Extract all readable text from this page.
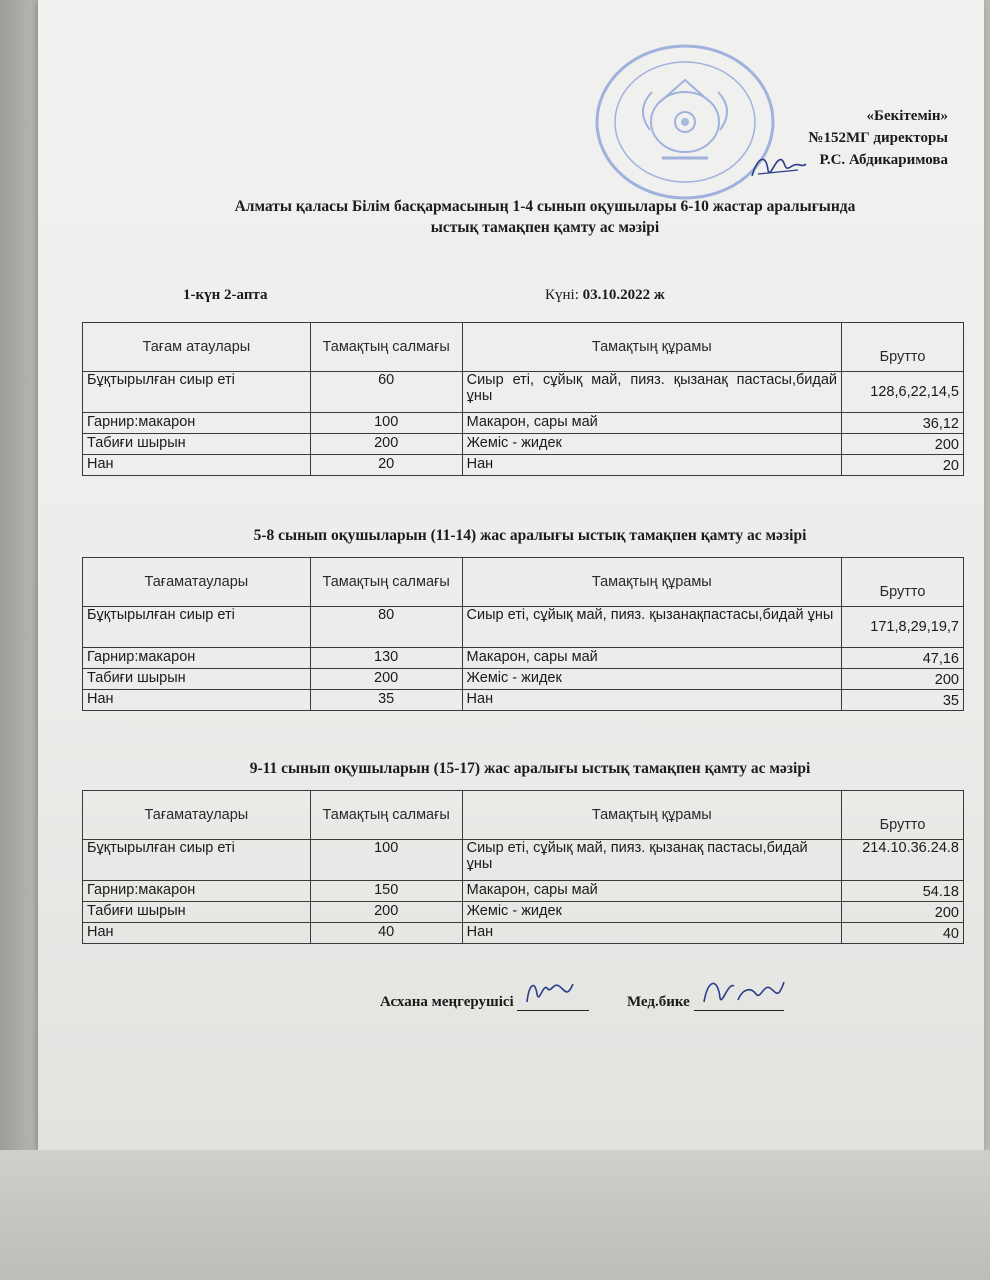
«Бекітемін»
№152МГ директоры
Р.С. Абдикаримова
Алматы қаласы Білім басқармасының 1-4 сынып оқушылары 6-10 жастар аралығында
ыстық тамақпен қамту ас мәзірі
1-күн 2-апта	Күні: 03.10.2022 ж
Тағам атаулары	Тамақтың салмағы	Тамақтың құрамы	Брутто
Бұқтырылған сиыр еті	60	Сиыр еті, сұйық май, пияз. қызанақ пастасы,бидай ұны	128,6,22,14,5
Гарнир:макарон	100	Макарон, сары май	36,12
Табиғи шырын	200	Жеміс - жидек	200
Нан	20	Нан	20
5-8 сынып оқушыларын (11-14) жас аралығы ыстық тамақпен қамту ас мәзірі
Тағаматаулары	Тамақтың салмағы	Тамақтың құрамы	Брутто
Бұқтырылған сиыр еті	80	Сиыр еті, сұйық май, пияз. қызанақпастасы,бидай ұны	171,8,29,19,7
Гарнир:макарон	130	Макарон, сары май	47,16
Табиғи шырын	200	Жеміс - жидек	200
Нан	35	Нан	35
9-11 сынып оқушыларын (15-17) жас аралығы ыстық тамақпен қамту ас мәзірі
Тағаматаулары	Тамақтың салмағы	Тамақтың құрамы	Брутто
Бұқтырылған сиыр еті	100	Сиыр еті, сұйық май, пияз. қызанақ пастасы,бидай ұны	214.10.36.24.8
Гарнир:макарон	150	Макарон, сары май	54.18
Табиғи шырын	200	Жеміс - жидек	200
Нан	40	Нан	40
Асхана меңгерушісі	Мед.бике
